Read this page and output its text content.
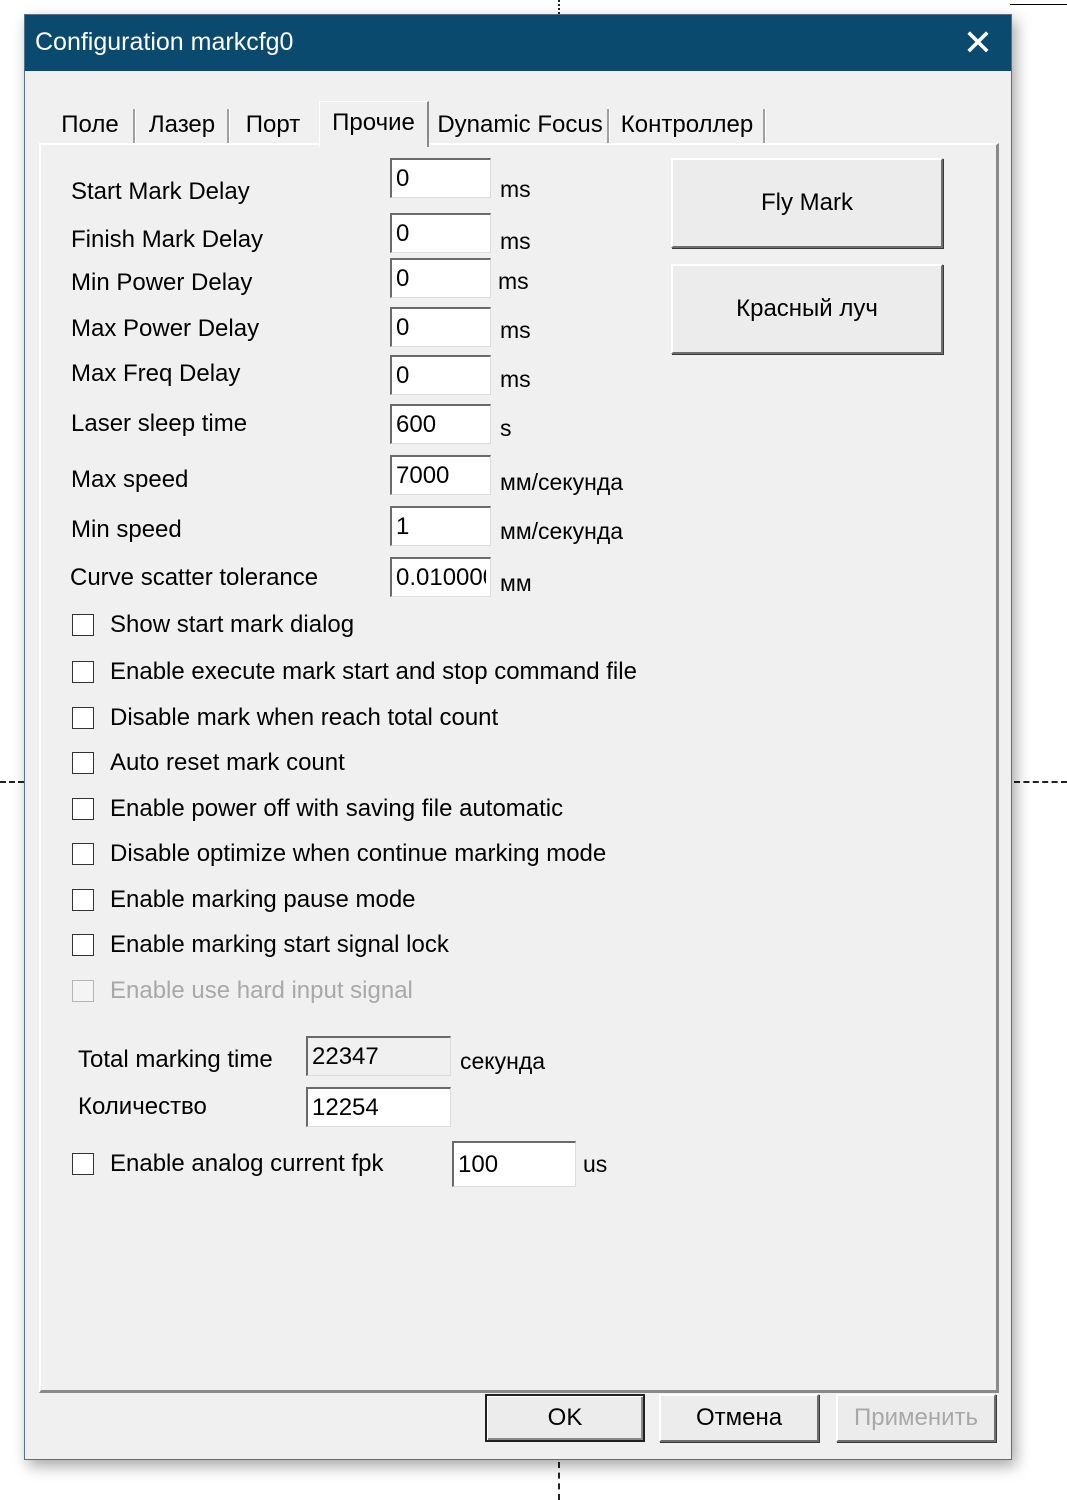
Configuration markcfg0	✕
Поле	Лазер	Порт	Прочие Dynamic Focus Контроллер
Start Mark Delay
0	ms
Finish Mark Delay
0	ms
Min Power Delay
0	ms
Max Power Delay
0	ms
Max Freq Delay
0	ms
Laser sleep time
600	s
Max speed
7000	мм/секунда
Min speed
1	мм/секунда
Curve scatter tolerance
0.010000	мм
Fly Mark
Красный луч
Show start mark dialog
Enable execute mark start and stop command file
Disable mark when reach total count
Auto reset mark count
Enable power off with saving file automatic
Disable optimize when continue marking mode
Enable marking pause mode
Enable marking start signal lock
Enable use hard input signal
Total marking time
22347	секунда
Количество
12254
Enable analog current fpk
100	us
OK	Отмена	Применить
